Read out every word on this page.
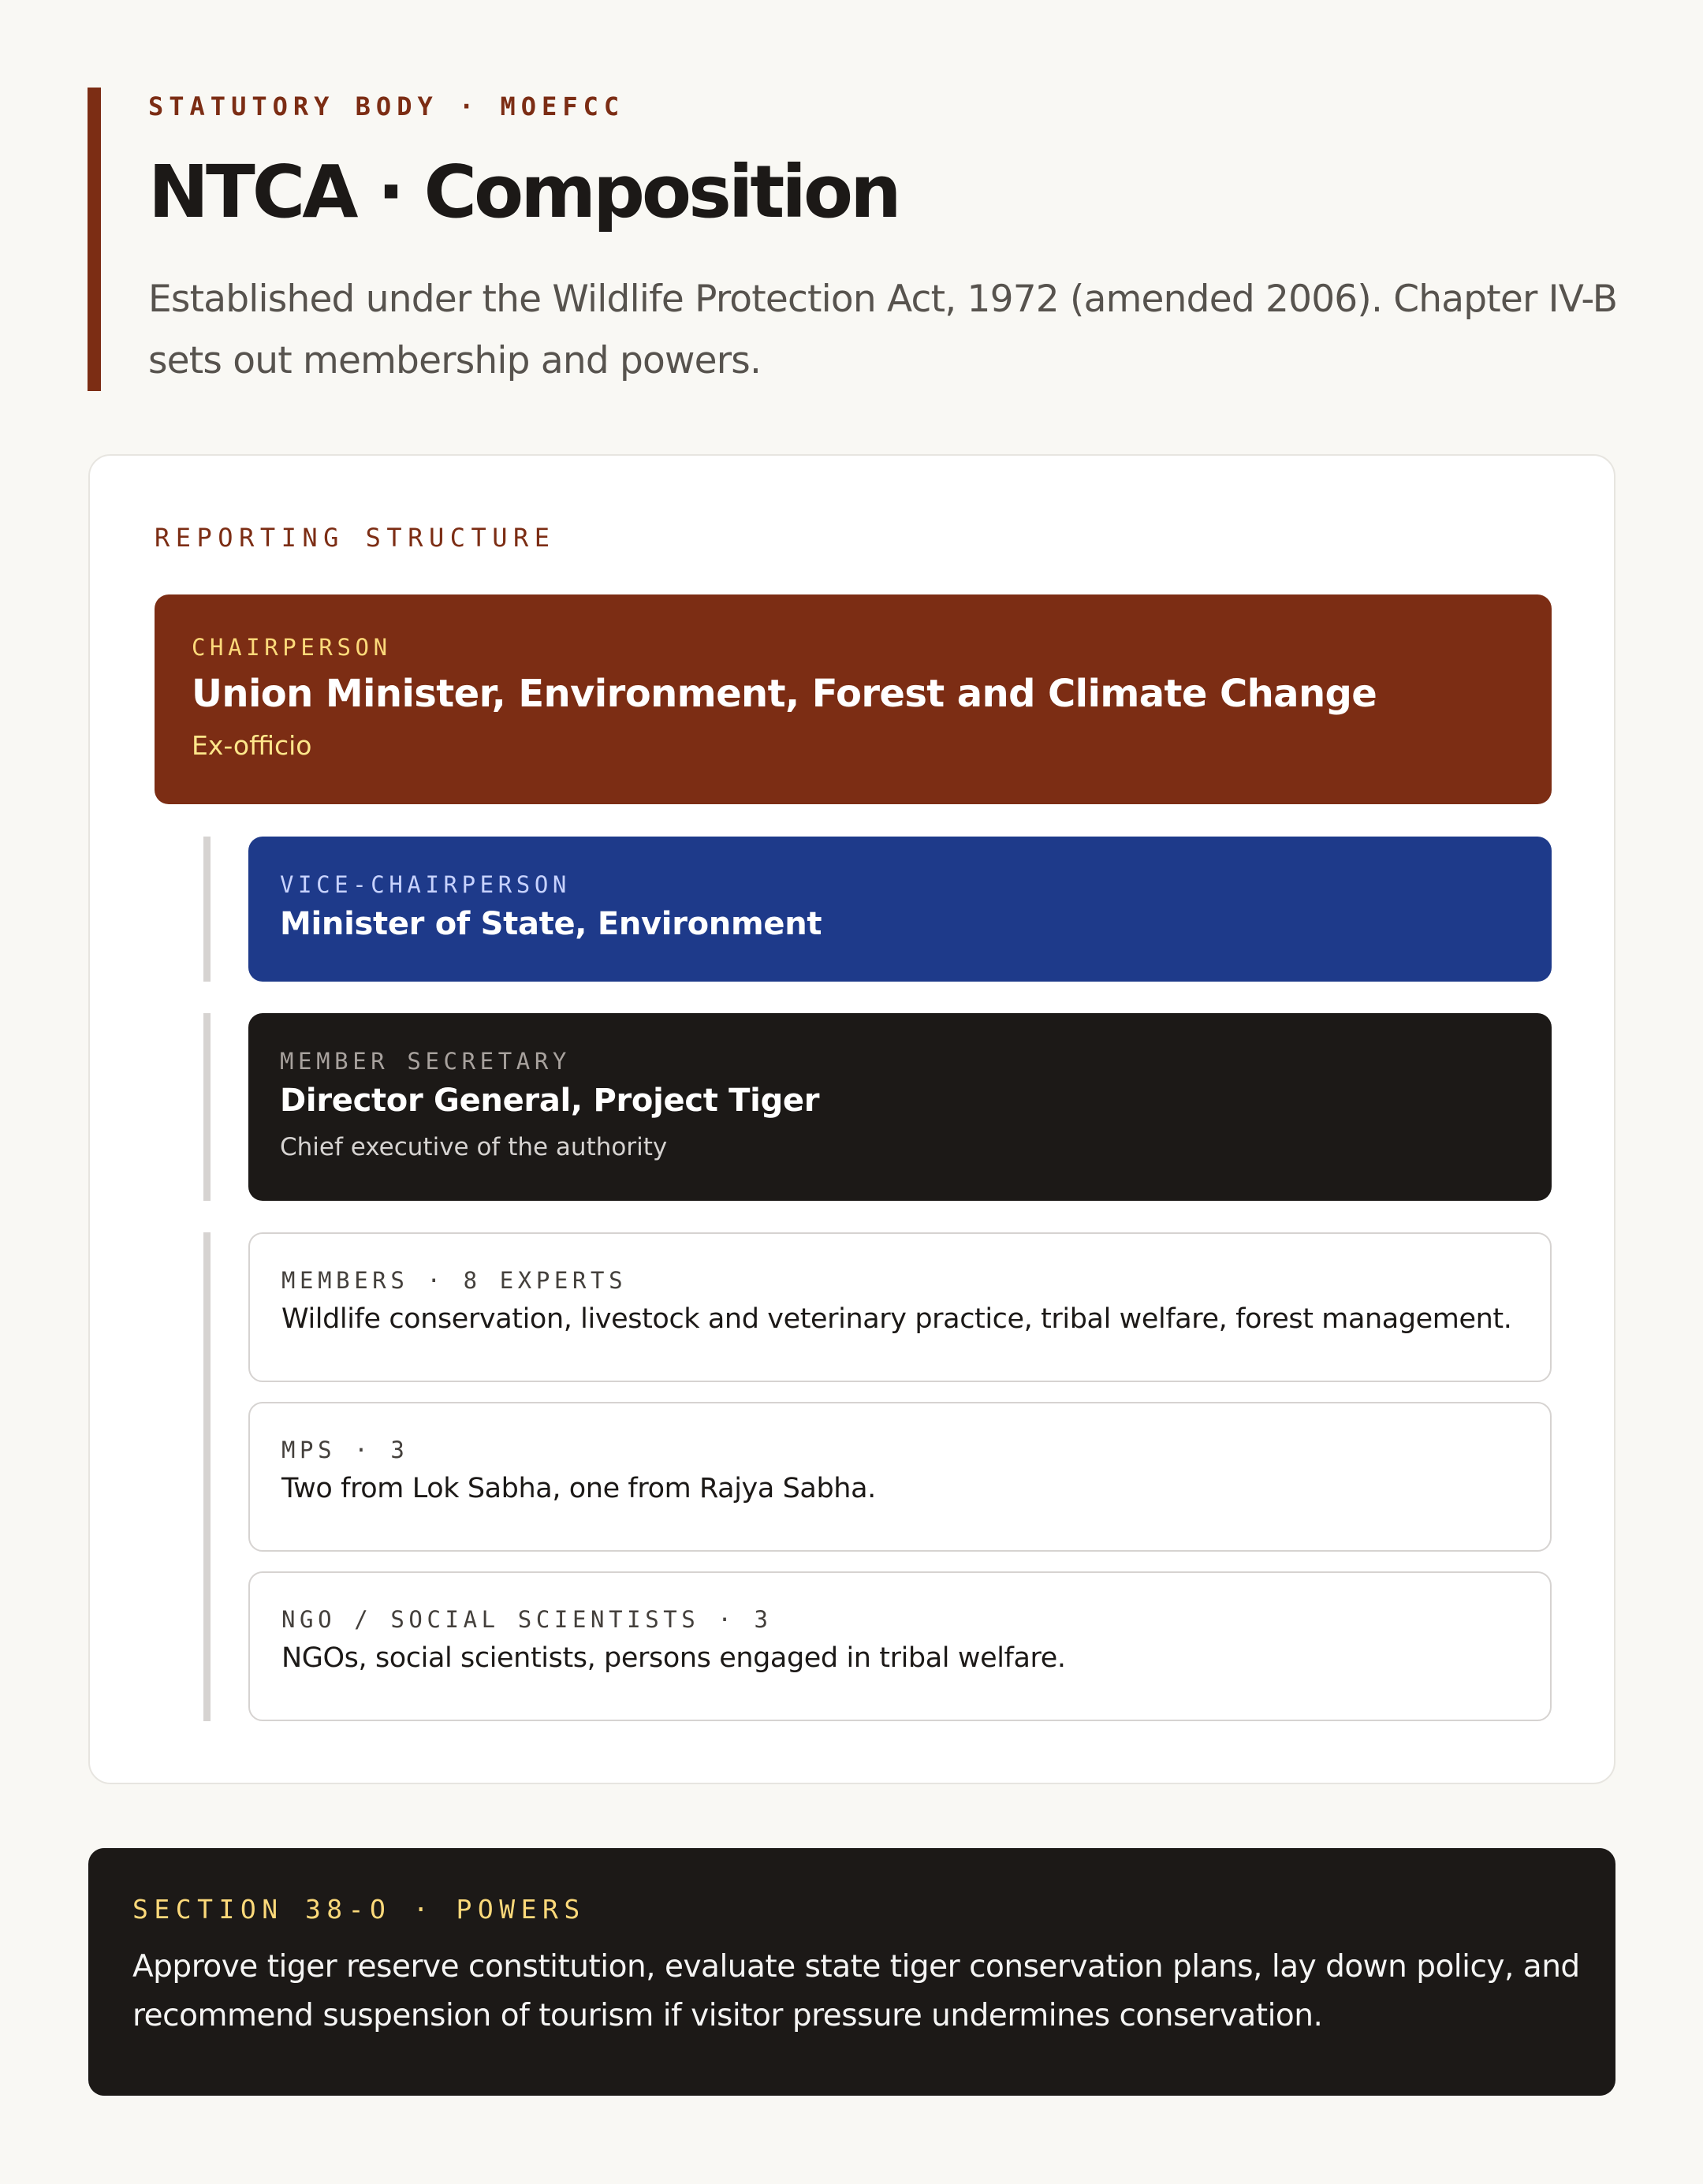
STATUTORY BODY · MOEFCC
NTCA · Composition

Established under the Wildlife Protection Act, 1972 (amended 2006). Chapter IV-B sets out membership and powers.

REPORTING STRUCTURE
CHAIRPERSON
Union Minister, Environment, Forest and Climate Change
Ex-officio
VICE-CHAIRPERSON
Minister of State, Environment
MEMBER SECRETARY
Director General, Project Tiger
Chief executive of the authority
MEMBERS · 8 EXPERTS
Wildlife conservation, livestock and veterinary practice, tribal welfare, forest management.
MPS · 3
Two from Lok Sabha, one from Rajya Sabha.
NGO / SOCIAL SCIENTISTS · 3
NGOs, social scientists, persons engaged in tribal welfare.
SECTION 38-O · POWERS

Approve tiger reserve constitution, evaluate state tiger conservation plans, lay down policy, and recommend suspension of tourism if visitor pressure undermines conservation.
